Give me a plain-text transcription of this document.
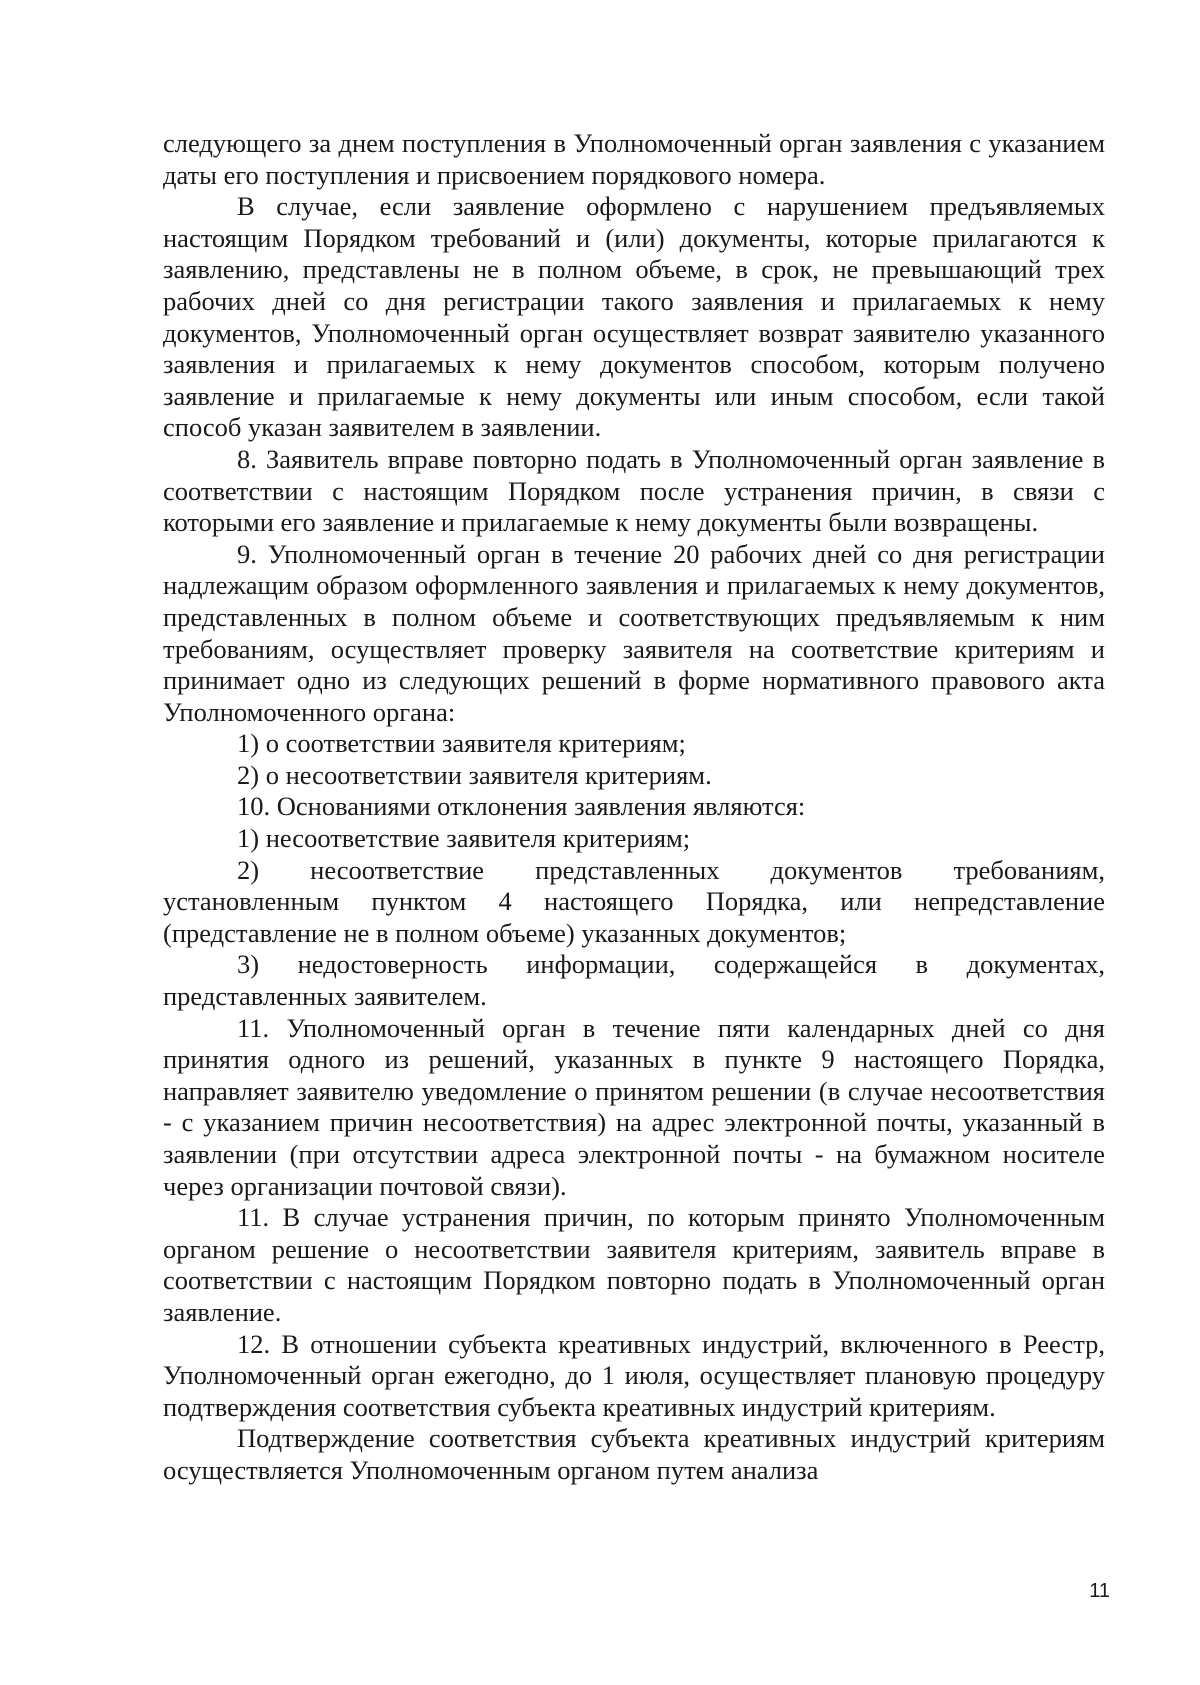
следующего за днем поступления в Уполномоченный орган заявления с указанием даты его поступления и присвоением порядкового номера.

В случае, если заявление оформлено с нарушением предъявляемых настоящим Порядком требований и (или) документы, которые прилагаются к заявлению, представлены не в полном объеме, в срок, не превышающий трех рабочих дней со дня регистрации такого заявления и прилагаемых к нему документов, Уполномоченный орган осуществляет возврат заявителю указанного заявления и прилагаемых к нему документов способом, которым получено заявление и прилагаемые к нему документы или иным способом, если такой способ указан заявителем в заявлении.

8. Заявитель вправе повторно подать в Уполномоченный орган заявление в соответствии с настоящим Порядком после устранения причин, в связи с которыми его заявление и прилагаемые к нему документы были возвращены.

9. Уполномоченный орган в течение 20 рабочих дней со дня регистрации надлежащим образом оформленного заявления и прилагаемых к нему документов, представленных в полном объеме и соответствующих предъявляемым к ним требованиям, осуществляет проверку заявителя на соответствие критериям и принимает одно из следующих решений в форме нормативного правового акта Уполномоченного органа:

1) о соответствии заявителя критериям;

2) о несоответствии заявителя критериям.

10. Основаниями отклонения заявления являются:

1) несоответствие заявителя критериям;

2) несоответствие представленных документов требованиям, установленным пунктом 4 настоящего Порядка, или непредставление (представление не в полном объеме) указанных документов;

3) недостоверность информации, содержащейся в документах, представленных заявителем.

11. Уполномоченный орган в течение пяти календарных дней со дня принятия одного из решений, указанных в пункте 9 настоящего Порядка, направляет заявителю уведомление о принятом решении (в случае несоответствия - с указанием причин несоответствия) на адрес электронной почты, указанный в заявлении (при отсутствии адреса электронной почты - на бумажном носителе через организации почтовой связи).

11. В случае устранения причин, по которым принято Уполномоченным органом решение о несоответствии заявителя критериям, заявитель вправе в соответствии с настоящим Порядком повторно подать в Уполномоченный орган заявление.

12. В отношении субъекта креативных индустрий, включенного в Реестр, Уполномоченный орган ежегодно, до 1 июля, осуществляет плановую процедуру подтверждения соответствия субъекта креативных индустрий критериям.

Подтверждение соответствия субъекта креативных индустрий критериям осуществляется Уполномоченным органом путем анализа

11
